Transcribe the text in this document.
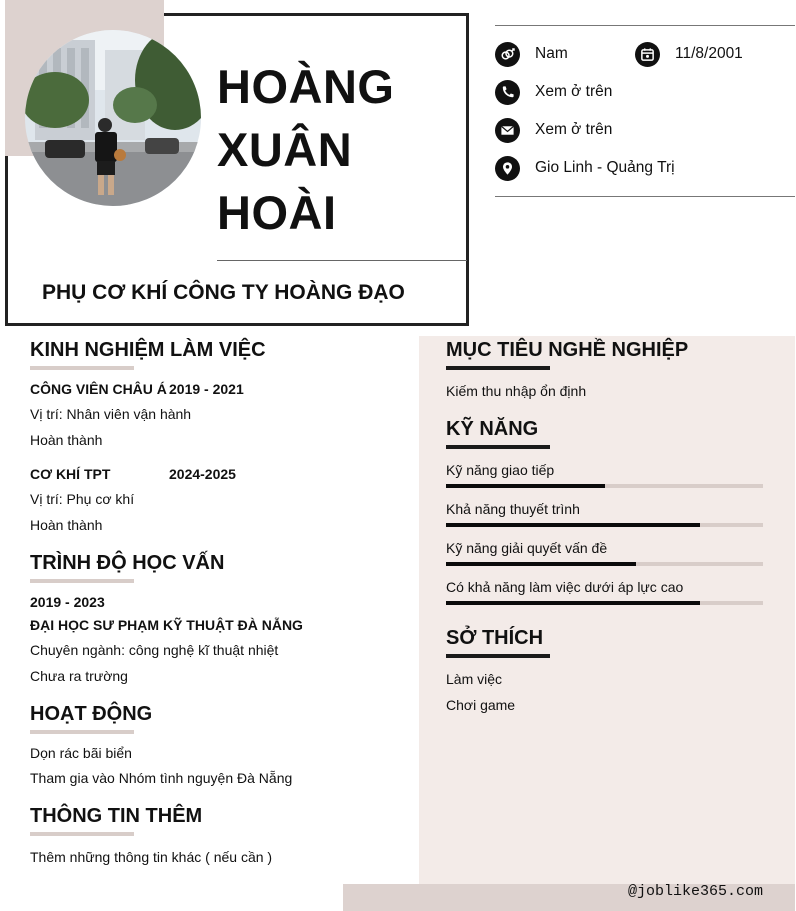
HOÀNG
XUÂN
HOÀI
PHỤ CƠ KHÍ CÔNG TY HOÀNG ĐẠO
Nam	11/8/2001
Xem ở trên
Xem ở trên
Gio Linh - Quảng Trị
KINH NGHIỆM LÀM VIỆC
CÔNG VIÊN CHÂU Á 2019 - 2021
Vị trí: Nhân viên vận hành
Hoàn thành
CƠ KHÍ TPT	2024-2025
Vị trí: Phụ cơ khí
Hoàn thành
TRÌNH ĐỘ HỌC VẤN
2019 - 2023
ĐẠI HỌC SƯ PHẠM KỸ THUẬT ĐÀ NẴNG
Chuyên ngành: công nghệ kĩ thuật nhiệt
Chưa ra trường
HOẠT ĐỘNG
Dọn rác bãi biển
Tham gia vào Nhóm tình nguyện Đà Nẵng
THÔNG TIN THÊM
Thêm những thông tin khác ( nếu cần )
MỤC TIÊU NGHỀ NGHIỆP
Kiếm thu nhập ổn định
KỸ NĂNG
Kỹ năng giao tiếp
Khả năng thuyết trình
Kỹ năng giải quyết vấn đề
Có khả năng làm việc dưới áp lực cao
SỞ THÍCH
Làm việc
Chơi game
@joblike365.com
